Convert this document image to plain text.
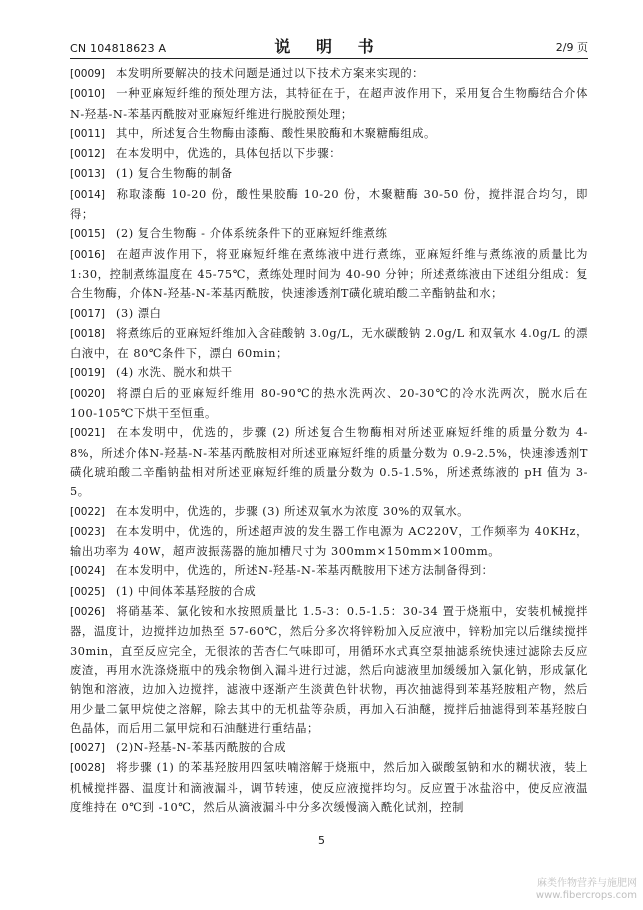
CN 104818623 A	说 明 书	2/9 页

[0009] 本发明所要解决的技术问题是通过以下技术方案来实现的：

[0010] 一种亚麻短纤维的预处理方法，其特征在于，在超声波作用下，采用复合生物酶结合介体N-羟基-N-苯基丙酰胺对亚麻短纤维进行脱胶预处理；

[0011] 其中，所述复合生物酶由漆酶、酸性果胶酶和木聚糖酶组成。

[0012] 在本发明中，优选的，具体包括以下步骤：

[0013] (1) 复合生物酶的制备

[0014] 称取漆酶 10-20 份，酸性果胶酶 10-20 份，木聚糖酶 30-50 份，搅拌混合均匀，即得；

[0015] (2) 复合生物酶 - 介体系统条件下的亚麻短纤维煮练

[0016] 在超声波作用下，将亚麻短纤维在煮练液中进行煮练，亚麻短纤维与煮练液的质量比为 1:30，控制煮练温度在 45-75℃，煮练处理时间为 40-90 分钟；所述煮练液由下述组分组成：复合生物酶，介体N-羟基-N-苯基丙酰胺，快速渗透剂T磺化琥珀酸二辛酯钠盐和水；

[0017] (3) 漂白

[0018] 将煮练后的亚麻短纤维加入含硅酸钠 3.0g/L，无水碳酸钠 2.0g/L 和双氧水 4.0g/L 的漂白液中，在 80℃条件下，漂白 60min；

[0019] (4) 水洗、脱水和烘干

[0020] 将漂白后的亚麻短纤维用 80-90℃的热水洗两次、20-30℃的冷水洗两次，脱水后在 100-105℃下烘干至恒重。

[0021] 在本发明中，优选的，步骤 (2) 所述复合生物酶相对所述亚麻短纤维的质量分数为 4-8%，所述介体N-羟基-N-苯基丙酰胺相对所述亚麻短纤维的质量分数为 0.9-2.5%，快速渗透剂T磺化琥珀酸二辛酯钠盐相对所述亚麻短纤维的质量分数为 0.5-1.5%，所述煮练液的 pH 值为 3-5。

[0022] 在本发明中，优选的，步骤 (3) 所述双氧水为浓度 30%的双氧水。

[0023] 在本发明中，优选的，所述超声波的发生器工作电源为 AC220V，工作频率为 40KHz，输出功率为 40W，超声波振荡器的施加槽尺寸为 300mm×150mm×100mm。

[0024] 在本发明中，优选的，所述N-羟基-N-苯基丙酰胺用下述方法制备得到：

[0025] (1) 中间体苯基羟胺的合成

[0026] 将硝基苯、氯化铵和水按照质量比 1.5-3：0.5-1.5：30-34 置于烧瓶中，安装机械搅拌器，温度计，边搅拌边加热至 57-60℃，然后分多次将锌粉加入反应液中，锌粉加完以后继续搅拌 30min，直至反应完全，无很浓的苦杏仁气味即可，用循环水式真空泵抽滤系统快速过滤除去反应废渣，再用水洗涤烧瓶中的残余物倒入漏斗进行过滤，然后向滤液里加缓缓加入氯化钠，形成氯化钠饱和溶液，边加入边搅拌，滤液中逐渐产生淡黄色针状物，再次抽滤得到苯基羟胺粗产物，然后用少量二氯甲烷使之溶解，除去其中的无机盐等杂质，再加入石油醚，搅拌后抽滤得到苯基羟胺白色晶体，而后用二氯甲烷和石油醚进行重结晶；

[0027] (2)N-羟基-N-苯基丙酰胺的合成

[0028] 将步骤 (1) 的苯基羟胺用四氢呋喃溶解于烧瓶中，然后加入碳酸氢钠和水的糊状液，装上机械搅拌器、温度计和滴液漏斗，调节转速，使反应液搅拌均匀。反应置于冰盐浴中，使反应液温度维持在 0℃到 -10℃，然后从滴液漏斗中分多次缓慢滴入酰化试剂，控制

5
麻类作物营养与施肥网
www.fibercrops.com
